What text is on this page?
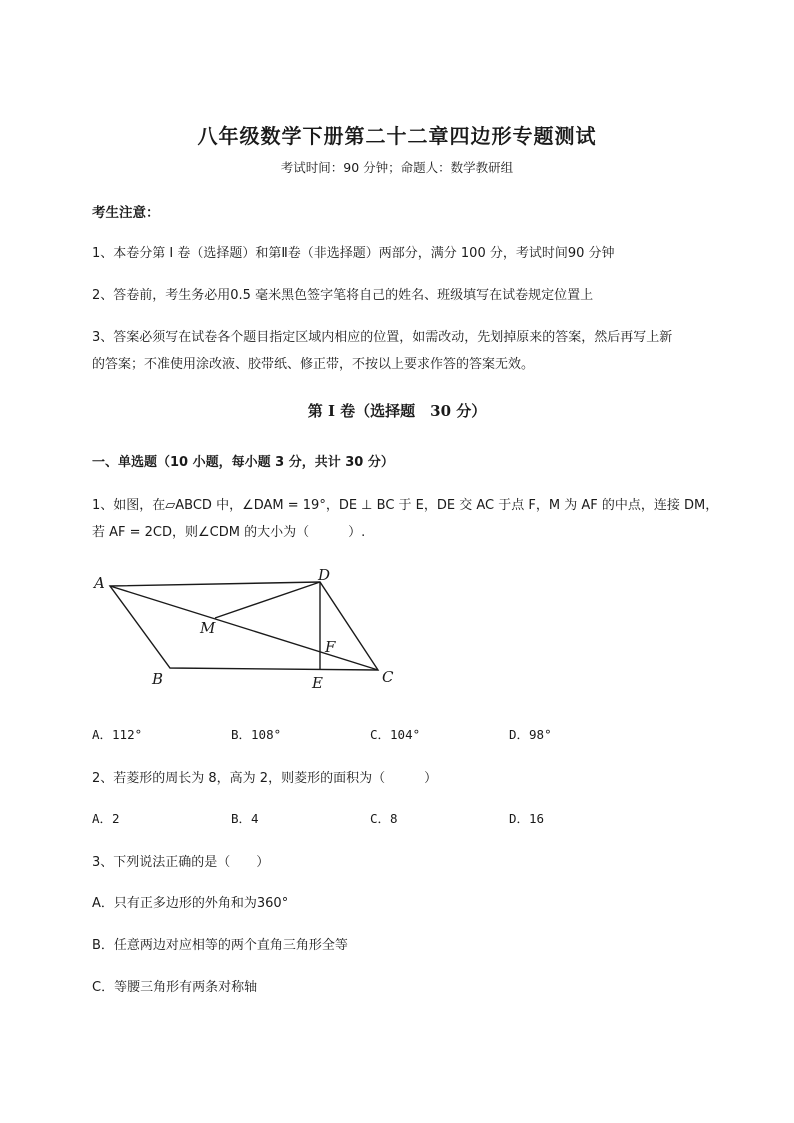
八年级数学下册第二十二章四边形专题测试
考试时间：90 分钟；命题人：数学教研组
考生注意：
1、本卷分第 I 卷（选择题）和第Ⅱ卷（非选择题）两部分，满分 100 分，考试时间90 分钟
2、答卷前，考生务必用0.5 毫米黑色签字笔将自己的姓名、班级填写在试卷规定位置上
3、答案必须写在试卷各个题目指定区域内相应的位置，如需改动，先划掉原来的答案，然后再写上新
的答案；不准使用涂改液、胶带纸、修正带，不按以上要求作答的答案无效。
第 I 卷（选择题　30 分）
一、单选题（10 小题，每小题 3 分，共计 30 分）
1、如图，在▱ABCD 中，∠DAM = 19°，DE ⊥ BC 于 E，DE 交 AC 于点 F，M 为 AF 的中点，连接 DM，
若 AF = 2CD，则∠CDM 的大小为（　　　）.
A
B	C
D
E
F
M
A．112°	B．108°	C．104°	D．98°
2、若菱形的周长为 8，高为 2，则菱形的面积为（　　　）
A．2	B．4	C．8	D．16
3、下列说法正确的是（　　）
A．只有正多边形的外角和为360°
B．任意两边对应相等的两个直角三角形全等
C．等腰三角形有两条对称轴
